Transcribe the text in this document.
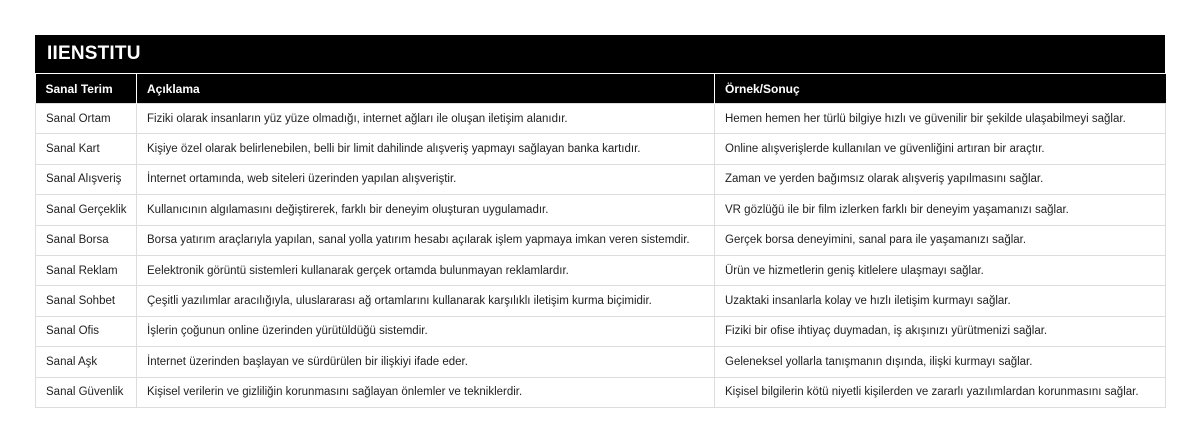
IIENSTITU
Sanal Terim	Açıklama	Örnek/Sonuç
Sanal Ortam	Fiziki olarak insanların yüz yüze olmadığı, internet ağları ile oluşan iletişim alanıdır.	Hemen hemen her türlü bilgiye hızlı ve güvenilir bir şekilde ulaşabilmeyi sağlar.
Sanal Kart	Kişiye özel olarak belirlenebilen, belli bir limit dahilinde alışveriş yapmayı sağlayan banka kartıdır.	Online alışverişlerde kullanılan ve güvenliğini artıran bir araçtır.
Sanal Alışveriş	İnternet ortamında, web siteleri üzerinden yapılan alışveriştir.	Zaman ve yerden bağımsız olarak alışveriş yapılmasını sağlar.
Sanal Gerçeklik	Kullanıcının algılamasını değiştirerek, farklı bir deneyim oluşturan uygulamadır.	VR gözlüğü ile bir film izlerken farklı bir deneyim yaşamanızı sağlar.
Sanal Borsa	Borsa yatırım araçlarıyla yapılan, sanal yolla yatırım hesabı açılarak işlem yapmaya imkan veren sistemdir.	Gerçek borsa deneyimini, sanal para ile yaşamanızı sağlar.
Sanal Reklam	Eelektronik görüntü sistemleri kullanarak gerçek ortamda bulunmayan reklamlardır.	Ürün ve hizmetlerin geniş kitlelere ulaşmayı sağlar.
Sanal Sohbet	Çeşitli yazılımlar aracılığıyla, uluslararası ağ ortamlarını kullanarak karşılıklı iletişim kurma biçimidir.	Uzaktaki insanlarla kolay ve hızlı iletişim kurmayı sağlar.
Sanal Ofis	İşlerin çoğunun online üzerinden yürütüldüğü sistemdir.	Fiziki bir ofise ihtiyaç duymadan, iş akışınızı yürütmenizi sağlar.
Sanal Aşk	İnternet üzerinden başlayan ve sürdürülen bir ilişkiyi ifade eder.	Geleneksel yollarla tanışmanın dışında, ilişki kurmayı sağlar.
Sanal Güvenlik	Kişisel verilerin ve gizliliğin korunmasını sağlayan önlemler ve tekniklerdir.	Kişisel bilgilerin kötü niyetli kişilerden ve zararlı yazılımlardan korunmasını sağlar.
